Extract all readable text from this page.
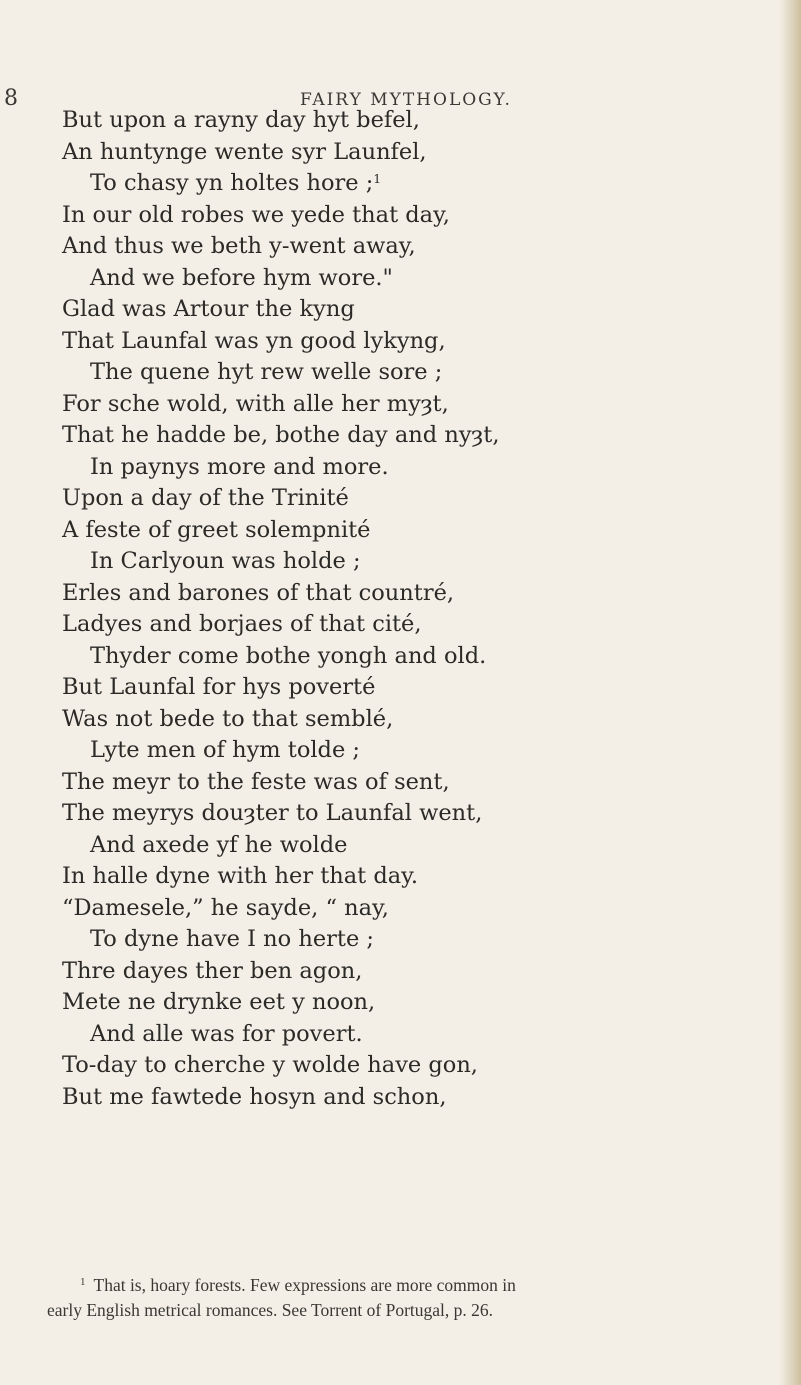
8	FAIRY MYTHOLOGY.
But upon a rayny day hyt befel,
An huntynge wente syr Launfel,
To chasy yn holtes hore ;$^1$
In our old robes we yede that day,
And thus we beth y-went away,
And we before hym wore."
Glad was Artour the kyng
That Launfal was yn good lykyng,
The quene hyt rew welle sore ;
For sche wold, with alle her myȝt,
That he hadde be, bothe day and nyȝt,
In paynys more and more.
Upon a day of the Trinité
A feste of greet solempnité
In Carlyoun was holde ;
Erles and barones of that countré,
Ladyes and borjaes of that cité,
Thyder come bothe yongh and old.
But Launfal for hys poverté
Was not bede to that semblé,
Lyte men of hym tolde ;
The meyr to the feste was of sent,
The meyrys douȝter to Launfal went,
And axede yf he wolde
In halle dyne with her that day.
“Damesele,” he sayde, “ nay,
To dyne have I no herte ;
Thre dayes ther ben agon,
Mete ne drynke eet y noon,
And alle was for povert.
To-day to cherche y wolde have gon,
But me fawtede hosyn and schon,
$^1$ That is, hoary forests. Few expressions are more common in
early English metrical romances. See Torrent of Portugal, p. 26.
